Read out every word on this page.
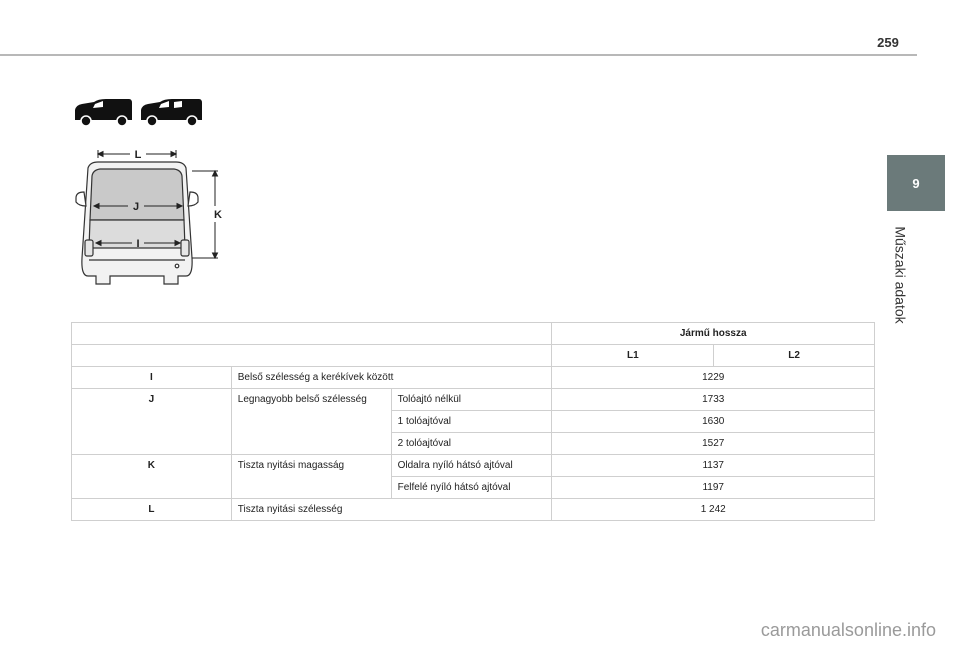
259
9
Műszaki adatok
L
J
I
K
			Jármű hossza	
			L1	L2
I	Belső szélesség a kerékívek között		1229	
J	Legnagyobb belső szélesség	Tolóajtó nélkül	1733	
		1 tolóajtóval	1630	
		2 tolóajtóval	1527	
K	Tiszta nyitási magasság	Oldalra nyíló hátsó ajtóval	1137	
		Felfelé nyíló hátsó ajtóval	1197	
L	Tiszta nyitási szélesség		1 242	
carmanualsonline.info
